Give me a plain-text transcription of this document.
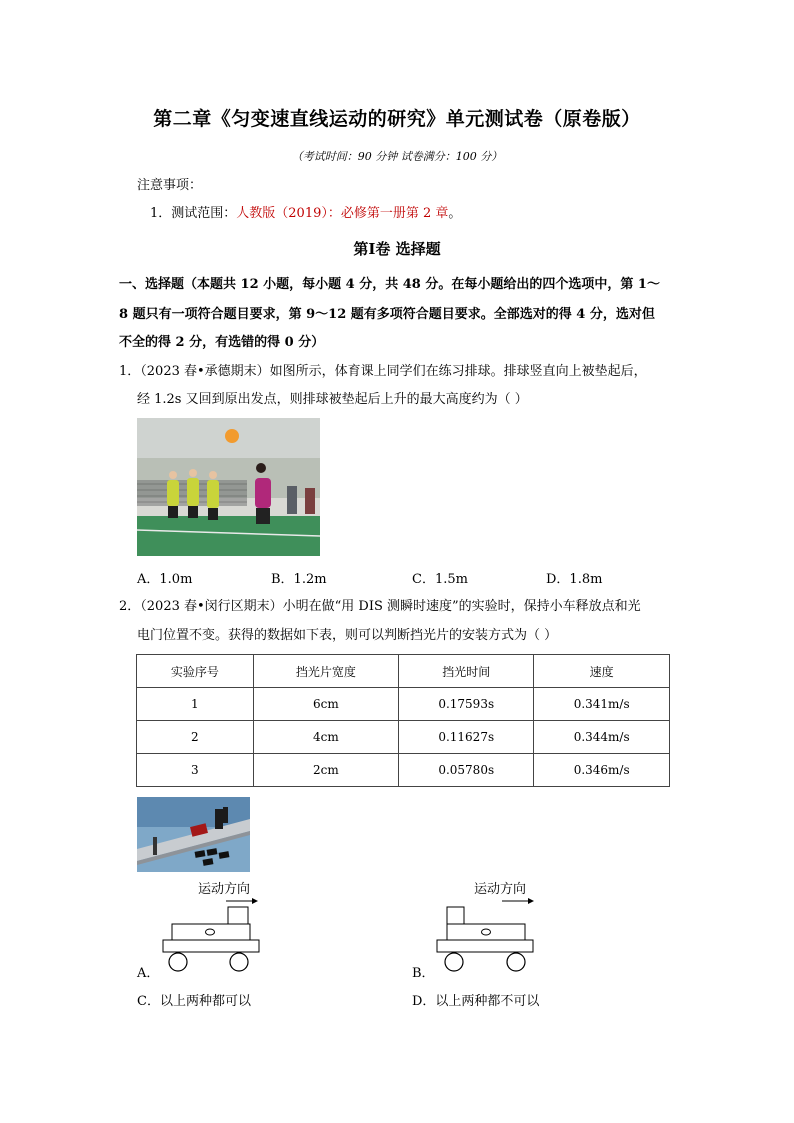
第二章《匀变速直线运动的研究》单元测试卷（原卷版）
（考试时间：90 分钟 试卷满分：100 分）
注意事项：
1．测试范围：人教版（2019）：必修第一册第 2 章。
第Ⅰ卷 选择题
一、选择题（本题共 12 小题，每小题 4 分，共 48 分。在每小题给出的四个选项中，第 1～
8 题只有一项符合题目要求，第 9～12 题有多项符合题目要求。全部选对的得 4 分，选对但
不全的得 2 分，有选错的得 0 分）
1．（2023 春•承德期末）如图所示，体育课上同学们在练习排球。排球竖直向上被垫起后，
经 1.2s 又回到原出发点，则排球被垫起后上升的最大高度约为（ ）
A．1.0m	B．1.2m	C．1.5m	D．1.8m
2．（2023 春•闵行区期末）小明在做“用 DIS 测瞬时速度”的实验时，保持小车释放点和光
电门位置不变。获得的数据如下表，则可以判断挡光片的安装方式为（ ）
实验序号	挡光片宽度	挡光时间	速度
1	6cm	0.17593s	0.341m/s
2	4cm	0.11627s	0.344m/s
3	2cm	0.05780s	0.346m/s
运动方向
A．
运动方向
B．
C．以上两种都可以	D．以上两种都不可以
